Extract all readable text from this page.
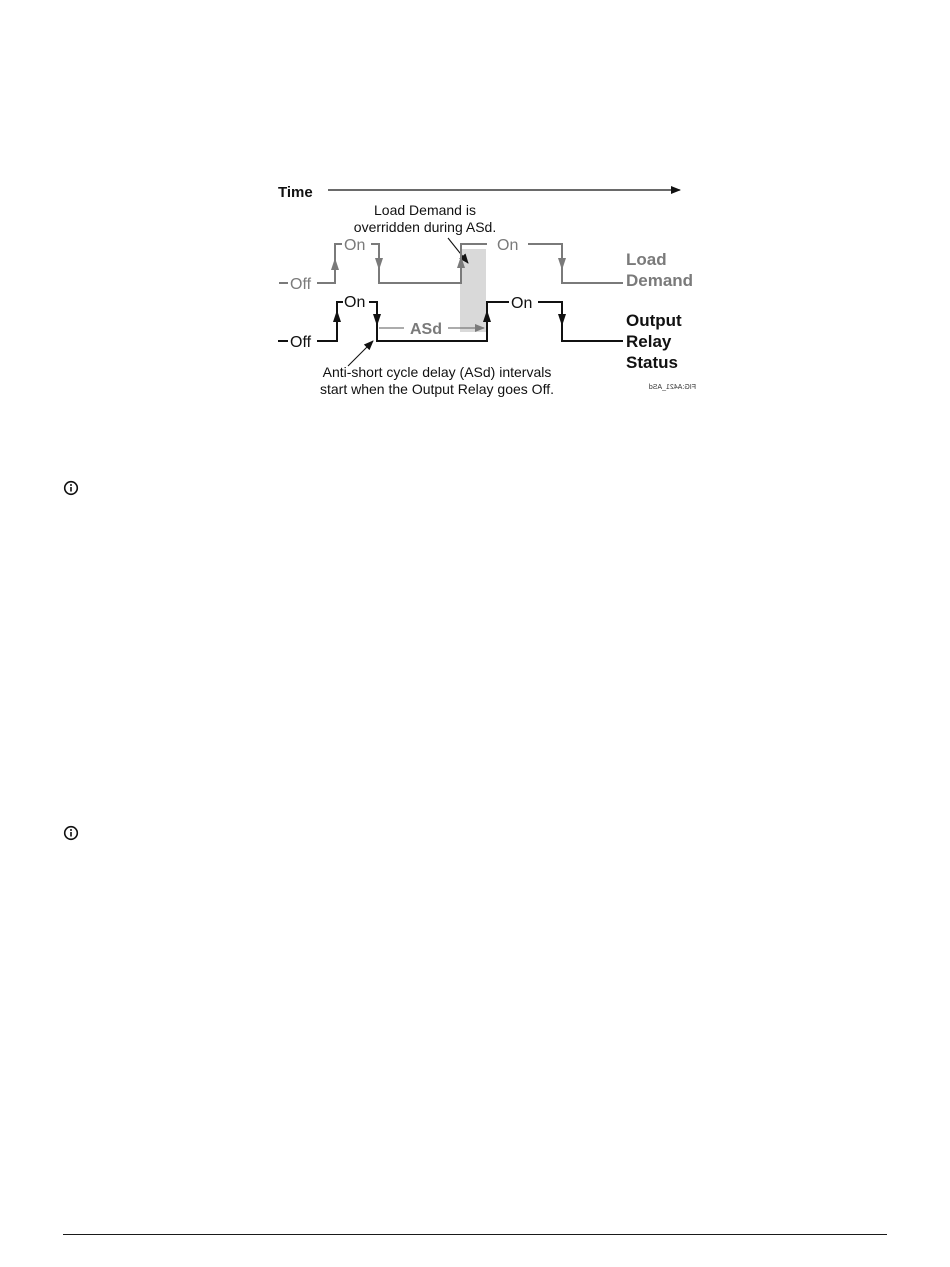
Time
Load Demand is
overridden during ASd.
Off
On	On
Load
Demand
ASd
Off
On	On
Output
Relay
Status
Anti-short cycle delay (ASd) intervals
start when the Output Relay goes Off.	FIG:A421_ASd
